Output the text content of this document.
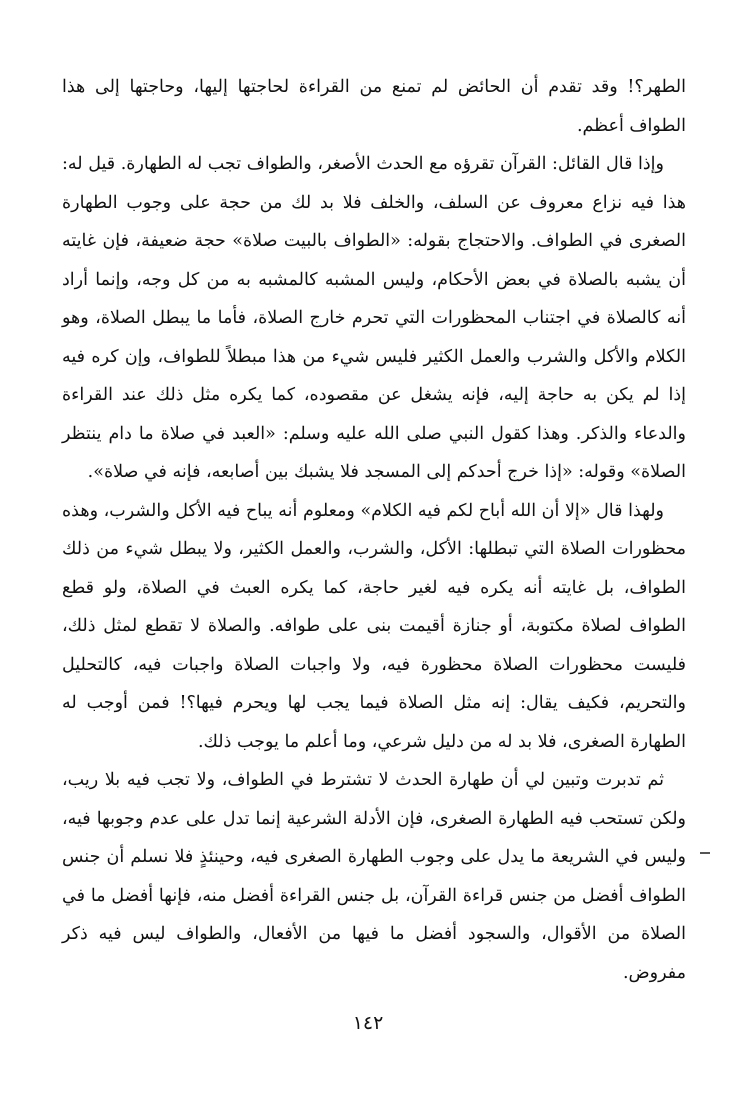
الطهر؟! وقد تقدم أن الحائض لم تمنع من القراءة لحاجتها إليها، وحاجتها إلى هذا الطواف أعظم.

وإذا قال القائل: القرآن تقرؤه مع الحدث الأصغر، والطواف تجب له الطهارة. قيل له: هذا فيه نزاع معروف عن السلف، والخلف فلا بد لك من حجة على وجوب الطهارة الصغرى في الطواف. والاحتجاج بقوله: «الطواف بالبيت صلاة» حجة ضعيفة، فإن غايته أن يشبه بالصلاة في بعض الأحكام، وليس المشبه كالمشبه به من كل وجه، وإنما أراد أنه كالصلاة في اجتناب المحظورات التي تحرم خارج الصلاة، فأما ما يبطل الصلاة، وهو الكلام والأكل والشرب والعمل الكثير فليس شيء من هذا مبطلاً للطواف، وإن كره فيه إذا لم يكن به حاجة إليه، فإنه يشغل عن مقصوده، كما يكره مثل ذلك عند القراءة والدعاء والذكر. وهذا كقول النبي صلى الله عليه وسلم: «العبد في صلاة ما دام ينتظر الصلاة» وقوله: «إذا خرج أحدكم إلى المسجد فلا يشبك بين أصابعه، فإنه في صلاة».

ولهذا قال «إلا أن الله أباح لكم فيه الكلام» ومعلوم أنه يباح فيه الأكل والشرب، وهذه محظورات الصلاة التي تبطلها: الأكل، والشرب، والعمل الكثير، ولا يبطل شيء من ذلك الطواف، بل غايته أنه يكره فيه لغير حاجة، كما يكره العبث في الصلاة، ولو قطع الطواف لصلاة مكتوبة، أو جنازة أقيمت بنى على طوافه. والصلاة لا تقطع لمثل ذلك، فليست محظورات الصلاة محظورة فيه، ولا واجبات الصلاة واجبات فيه، كالتحليل والتحريم، فكيف يقال: إنه مثل الصلاة فيما يجب لها ويحرم فيها؟! فمن أوجب له الطهارة الصغرى، فلا بد له من دليل شرعي، وما أعلم ما يوجب ذلك.

ثم تدبرت وتبين لي أن طهارة الحدث لا تشترط في الطواف، ولا تجب فيه بلا ريب، ولكن تستحب فيه الطهارة الصغرى، فإن الأدلة الشرعية إنما تدل على عدم وجوبها فيه، وليس في الشريعة ما يدل على وجوب الطهارة الصغرى فيه، وحينئذٍ فلا نسلم أن جنس الطواف أفضل من جنس قراءة القرآن، بل جنس القراءة أفضل منه، فإنها أفضل ما في الصلاة من الأقوال، والسجود أفضل ما فيها من الأفعال، والطواف ليس فيه ذكر مفروض.

١٤٢
